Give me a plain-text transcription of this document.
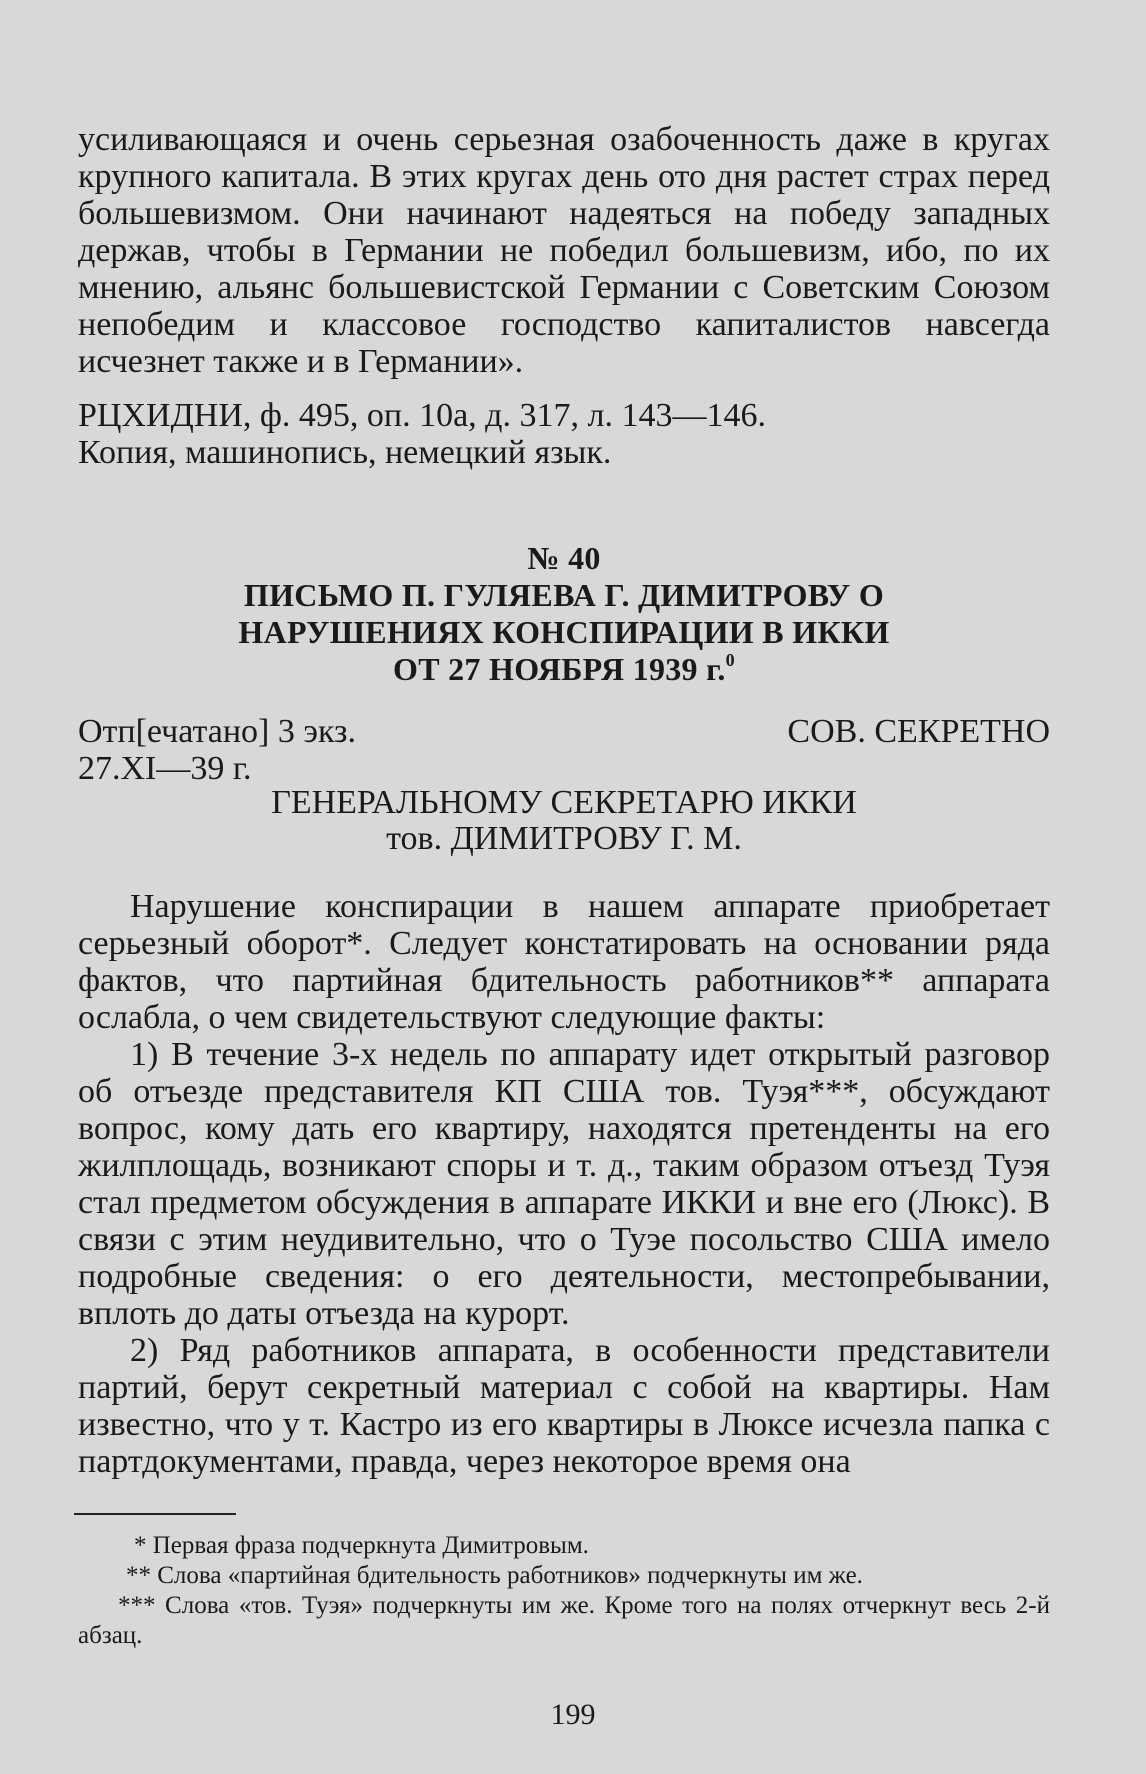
усиливающаяся и очень серьезная озабоченность даже в кругах крупного капитала. В этих кругах день ото дня растет страх перед большевизмом. Они начинают надеяться на победу западных держав, чтобы в Германии не победил большевизм, ибо, по их мнению, альянс большевистской Германии с Советским Союзом непобедим и классовое господство капиталистов навсегда исчезнет также и в Германии».

РЦХИДНИ, ф. 495, оп. 10а, д. 317, л. 143—146.
Копия, машинопись, немецкий язык.
№ 40
ПИСЬМО П. ГУЛЯЕВА Г. ДИМИТРОВУ О
НАРУШЕНИЯХ КОНСПИРАЦИИ В ИККИ
ОТ 27 НОЯБРЯ 1939 г.$^0$
Отп[ечатано] 3 экз.	СОВ. СЕКРЕТНО
27.XI—39 г.
ГЕНЕРАЛЬНОМУ СЕКРЕТАРЮ ИККИ
тов. ДИМИТРОВУ Г. М.

Нарушение конспирации в нашем аппарате приобретает серьезный оборот*. Следует констатировать на основании ряда фактов, что партийная бдительность работников** аппарата ослабла, о чем свидетельствуют следующие факты:

1) В течение 3-х недель по аппарату идет открытый разговор об отъезде представителя КП США тов. Туэя***, обсуждают вопрос, кому дать его квартиру, находятся претенденты на его жилплощадь, возникают споры и т. д., таким образом отъезд Туэя стал предметом обсуждения в аппарате ИККИ и вне его (Люкс). В связи с этим неудивительно, что о Туэе посольство США имело подробные сведения: о его деятельности, местопребывании, вплоть до даты отъезда на курорт.

2) Ряд работников аппарата, в особенности представители партий, берут секретный материал с собой на квартиры. Нам известно, что у т. Кастро из его квартиры в Люксе исчезла папка с партдокументами, правда, через некоторое время она

* Первая фраза подчеркнута Димитровым.

** Слова «партийная бдительность работников» подчеркнуты им же.

*** Слова «тов. Туэя» подчеркнуты им же. Кроме того на полях отчеркнут весь 2-й абзац.

199
